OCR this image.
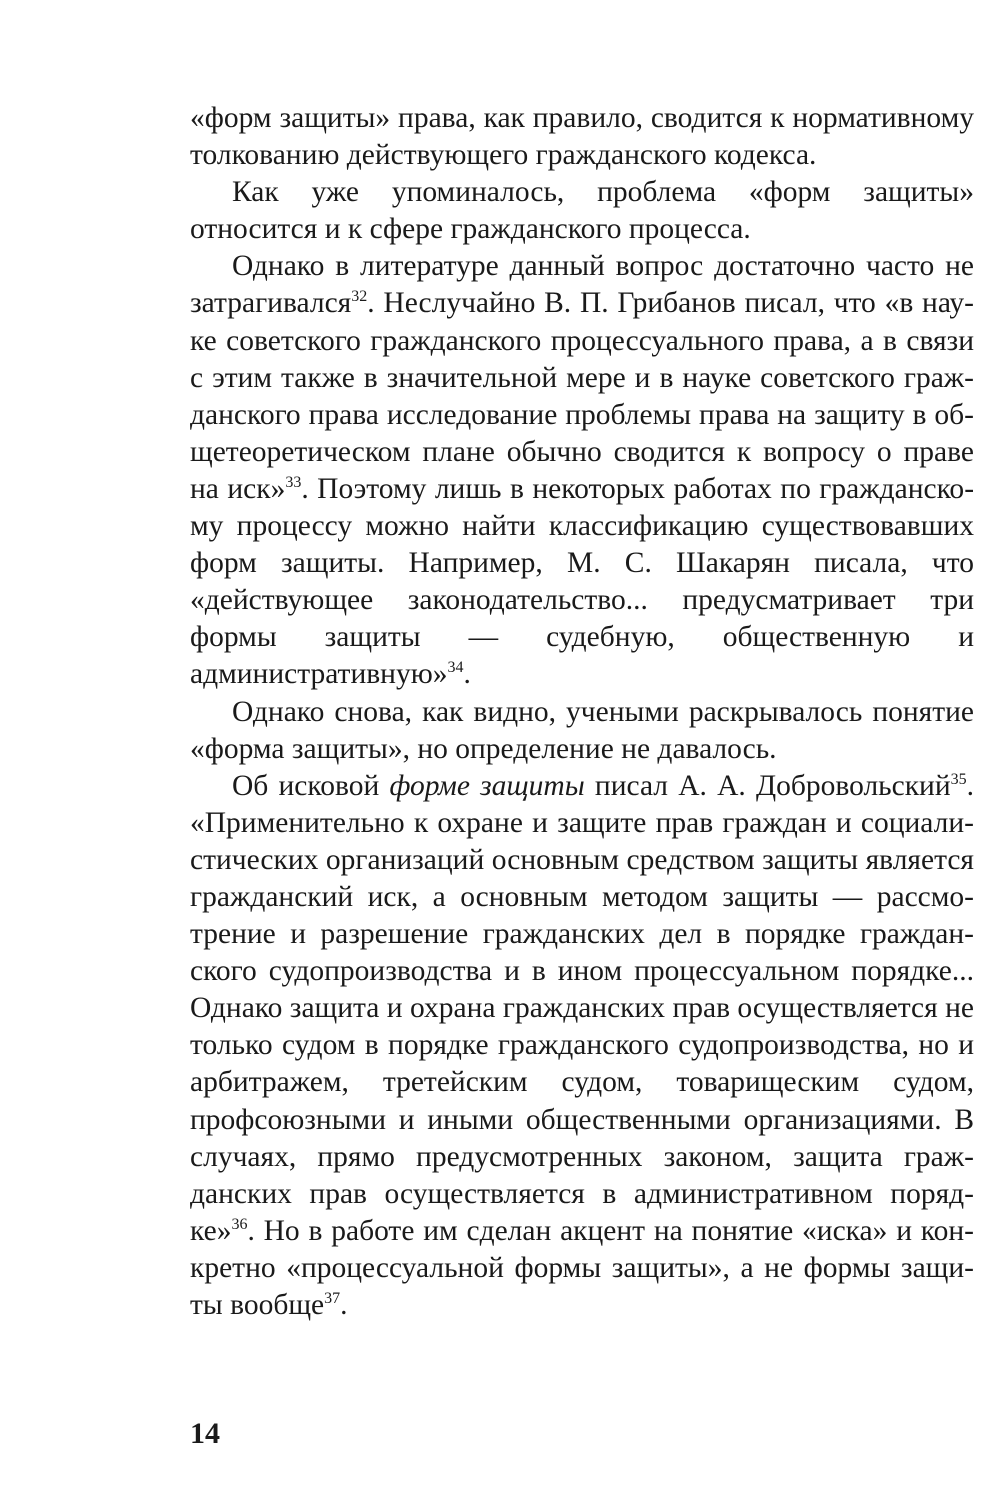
«форм защиты» права, как правило, сводится к нормативному толкованию действующего гражданского кодекса.

Как уже упоминалось, проблема «форм защиты» относится и к сфере гражданского процесса.

Однако в литературе данный вопрос достаточно часто не затрагивался$^{32}$. Неслучайно В. П. Грибанов писал, что «в науке советского гражданского процессуального права, а в связи с этим также в значительной мере и в науке советского гражданского права исследование проблемы права на защиту в общетеоретическом плане обычно сводится к вопросу о праве на иск»$^{33}$. Поэтому лишь в некоторых работах по гражданскому процессу можно найти классификацию существовавших форм защиты. Например, М. С. Шакарян писала, что «действующее законодательство... предусматривает три формы защиты — судебную, общественную и административную»$^{34}$.

Однако снова, как видно, учеными раскрывалось понятие «форма защиты», но определение не давалось.

Об исковой форме защиты писал А. А. Добровольский$^{35}$. «Применительно к охране и защите прав граждан и социалистических организаций основным средством защиты является гражданский иск, а основным методом защиты — рассмотрение и разрешение гражданских дел в порядке гражданского судопроизводства и в ином процессуальном порядке... Однако защита и охрана гражданских прав осуществляется не только судом в порядке гражданского судопроизводства, но и арбитражем, третейским судом, товарищеским судом, профсоюзными и иными общественными организациями. В случаях, прямо предусмотренных законом, защита гражданских прав осуществляется в административном порядке»$^{36}$. Но в работе им сделан акцент на понятие «иска» и конкретно «процессуальной формы защиты», а не формы защиты вообще$^{37}$.

14
